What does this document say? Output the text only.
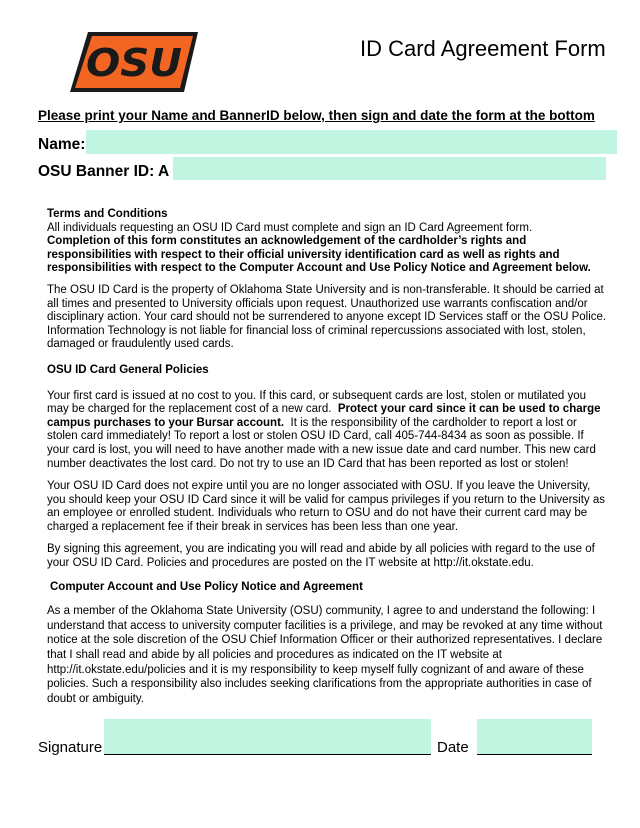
OSU	ID Card Agreement Form
Please print your Name and BannerID below, then sign and date the form at the bottom
Name:
OSU Banner ID: A

Terms and Conditions

All individuals requesting an OSU ID Card must complete and sign an ID Card Agreement form.

Completion of this form constitutes an acknowledgement of the cardholder’s rights and responsibilities with respect to their official university identification card as well as rights and responsibilities with respect to the Computer Account and Use Policy Notice and Agreement below.

The OSU ID Card is the property of Oklahoma State University and is non-transferable. It should be carried at all times and presented to University officials upon request. Unauthorized use warrants confiscation and/or disciplinary action. Your card should not be surrendered to anyone except ID Services staff or the OSU Police. Information Technology is not liable for financial loss of criminal repercussions associated with lost, stolen, damaged or fraudulently used cards.

OSU ID Card General Policies

Your first card is issued at no cost to you. If this card, or subsequent cards are lost, stolen or mutilated you may be charged for the replacement cost of a new card. Protect your card since it can be used to charge campus purchases to your Bursar account. It is the responsibility of the cardholder to report a lost or stolen card immediately! To report a lost or stolen OSU ID Card, call 405-744-8434 as soon as possible. If your card is lost, you will need to have another made with a new issue date and card number. This new card number deactivates the lost card. Do not try to use an ID Card that has been reported as lost or stolen!

Your OSU ID Card does not expire until you are no longer associated with OSU. If you leave the University, you should keep your OSU ID Card since it will be valid for campus privileges if you return to the University as an employee or enrolled student. Individuals who return to OSU and do not have their current card may be charged a replacement fee if their break in services has been less than one year.

By signing this agreement, you are indicating you will read and abide by all policies with regard to the use of your OSU ID Card. Policies and procedures are posted on the IT website at http://it.okstate.edu.

Computer Account and Use Policy Notice and Agreement

As a member of the Oklahoma State University (OSU) community, I agree to and understand the following: I understand that access to university computer facilities is a privilege, and may be revoked at any time without notice at the sole discretion of the OSU Chief Information Officer or their authorized representatives. I declare that I shall read and abide by all policies and procedures as indicated on the IT website at http://it.okstate.edu/policies and it is my responsibility to keep myself fully cognizant of and aware of these policies. Such a responsibility also includes seeking clarifications from the appropriate authorities in case of doubt or ambiguity.

Signature	Date
